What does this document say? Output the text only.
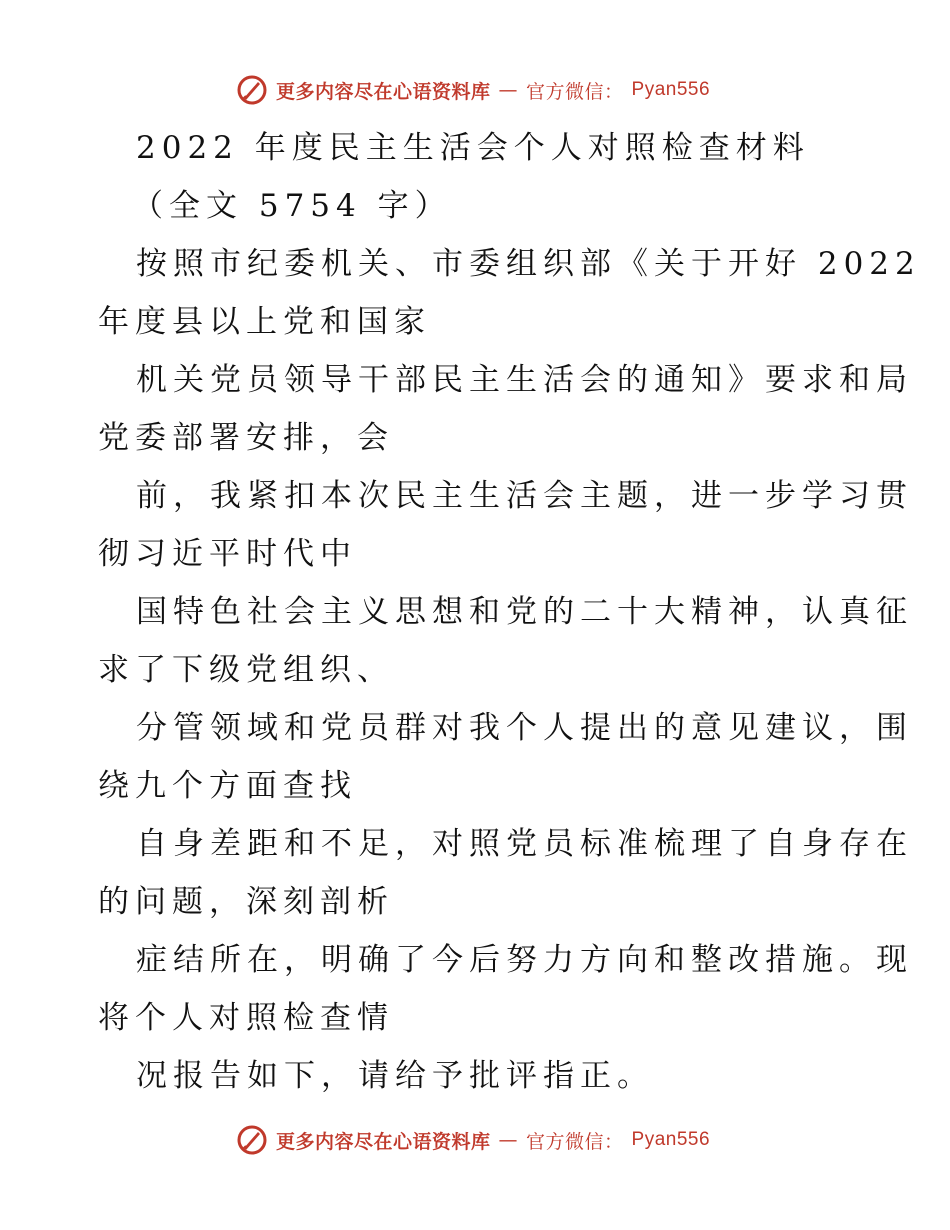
更多内容尽在心语资料库 — 官方微信： Pyan556
2022 年度民主生活会个人对照检查材料
（全文 5754 字）
按照市纪委机关、市委组织部《关于开好 2022
年度县以上党和国家
机关党员领导干部民主生活会的通知》要求和局
党委部署安排，会
前，我紧扣本次民主生活会主题，进一步学习贯
彻习近平时代中
国特色社会主义思想和党的二十大精神，认真征
求了下级党组织、
分管领域和党员群对我个人提出的意见建议，围
绕九个方面查找
自身差距和不足，对照党员标准梳理了自身存在
的问题，深刻剖析
症结所在，明确了今后努力方向和整改措施。现
将个人对照检查情
况报告如下，请给予批评指正。
更多内容尽在心语资料库 — 官方微信： Pyan556
